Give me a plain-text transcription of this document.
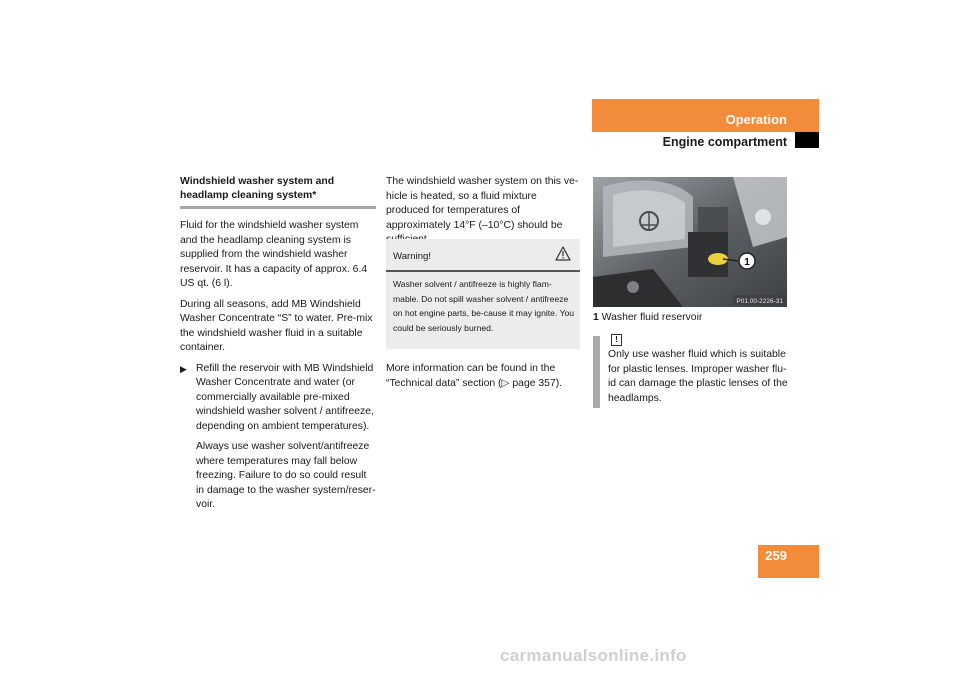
Operation
Engine compartment
Windshield washer system and headlamp cleaning system*

Fluid for the windshield washer system and the headlamp cleaning system is supplied from the windshield washer reservoir. It has a capacity of approx. 6.4 US qt. (6 l).

During all seasons, add MB Windshield Washer Concentrate “S” to water. Pre-mix the windshield washer fluid in a suitable container.

▶ Refill the reservoir with MB Windshield Washer Concentrate and water (or commercially available pre-mixed windshield washer solvent / antifreeze, depending on ambient temperatures).
Always use washer solvent/antifreeze where temperatures may fall below freezing. Failure to do so could result in damage to the washer system/reser-voir.

The windshield washer system on this ve-hicle is heated, so a fluid mixture produced for temperatures of approximately 14°F (–10°C) should be

Warning!
Washer solvent / antifreeze is highly flam-mable. Do not spill washer solvent / antifreeze on hot engine parts, be-cause it may ignite. You could be seriously burned.

More information can be found in the “Technical data” section (▷ page 357).

1
P01.00-2226-31
1 Washer fluid reservoir
!
Only use washer fluid which is suitable for plastic lenses. Improper washer flu-id can damage the plastic lenses of the headlamps.
259
carmanualsonline.info
